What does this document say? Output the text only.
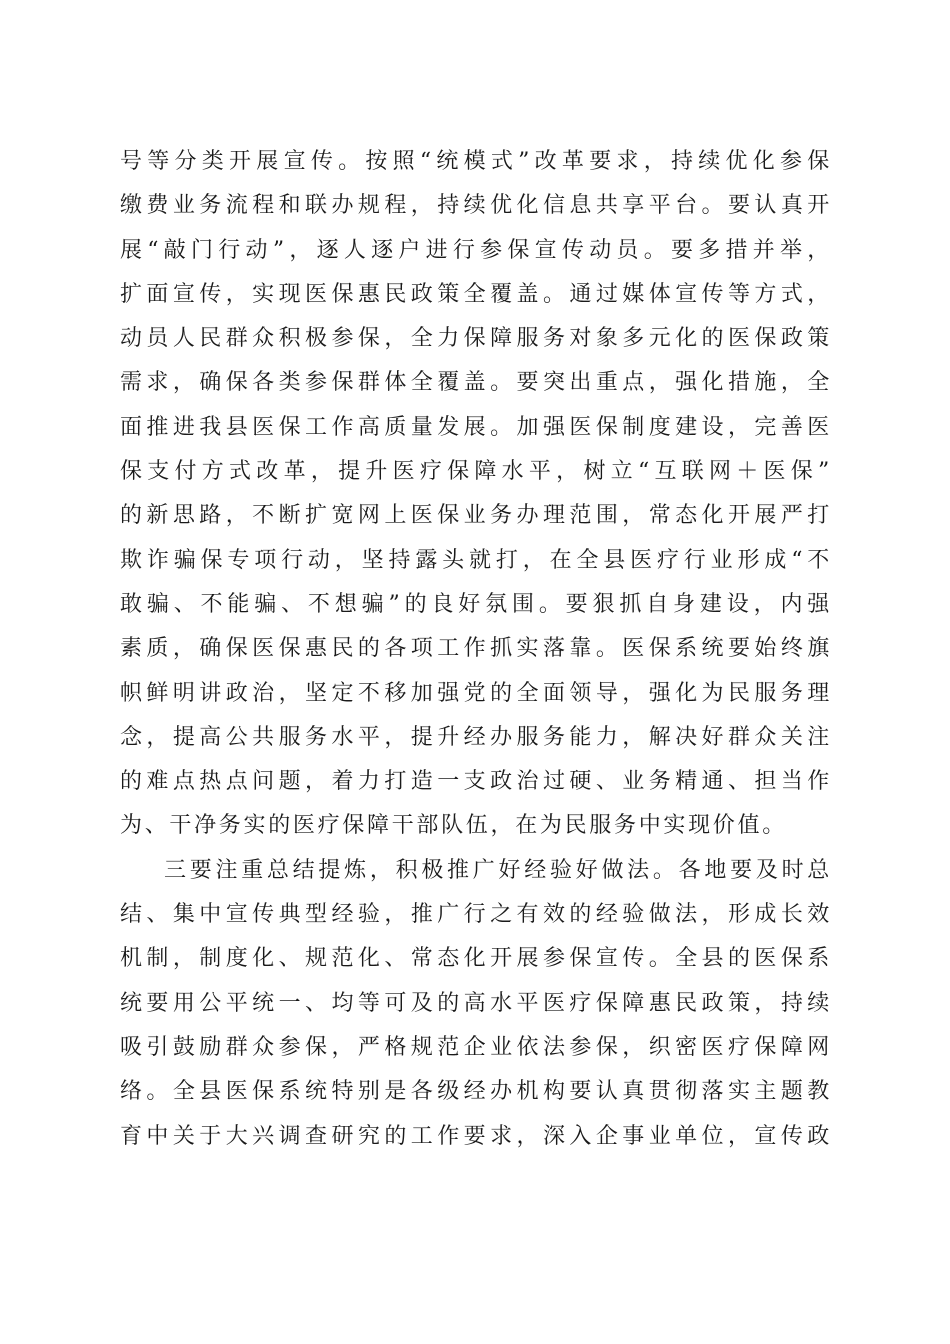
号等分类开展宣传。按照“统模式”改革要求，持续优化参保
缴费业务流程和联办规程，持续优化信息共享平台。要认真开
展“敲门行动”，逐人逐户进行参保宣传动员。要多措并举，
扩面宣传，实现医保惠民政策全覆盖。通过媒体宣传等方式，
动员人民群众积极参保，全力保障服务对象多元化的医保政策
需求，确保各类参保群体全覆盖。要突出重点，强化措施，全
面推进我县医保工作高质量发展。加强医保制度建设，完善医
保支付方式改革，提升医疗保障水平，树立“互联网＋医保”
的新思路，不断扩宽网上医保业务办理范围，常态化开展严打
欺诈骗保专项行动，坚持露头就打，在全县医疗行业形成“不
敢骗、不能骗、不想骗”的良好氛围。要狠抓自身建设，内强
素质，确保医保惠民的各项工作抓实落靠。医保系统要始终旗
帜鲜明讲政治，坚定不移加强党的全面领导，强化为民服务理
念，提高公共服务水平，提升经办服务能力，解决好群众关注
的难点热点问题，着力打造一支政治过硬、业务精通、担当作
为、干净务实的医疗保障干部队伍，在为民服务中实现价值。
三要注重总结提炼，积极推广好经验好做法。各地要及时总
结、集中宣传典型经验，推广行之有效的经验做法，形成长效
机制，制度化、规范化、常态化开展参保宣传。全县的医保系
统要用公平统一、均等可及的高水平医疗保障惠民政策，持续
吸引鼓励群众参保，严格规范企业依法参保，织密医疗保障网
络。全县医保系统特别是各级经办机构要认真贯彻落实主题教
育中关于大兴调查研究的工作要求，深入企事业单位，宣传政
